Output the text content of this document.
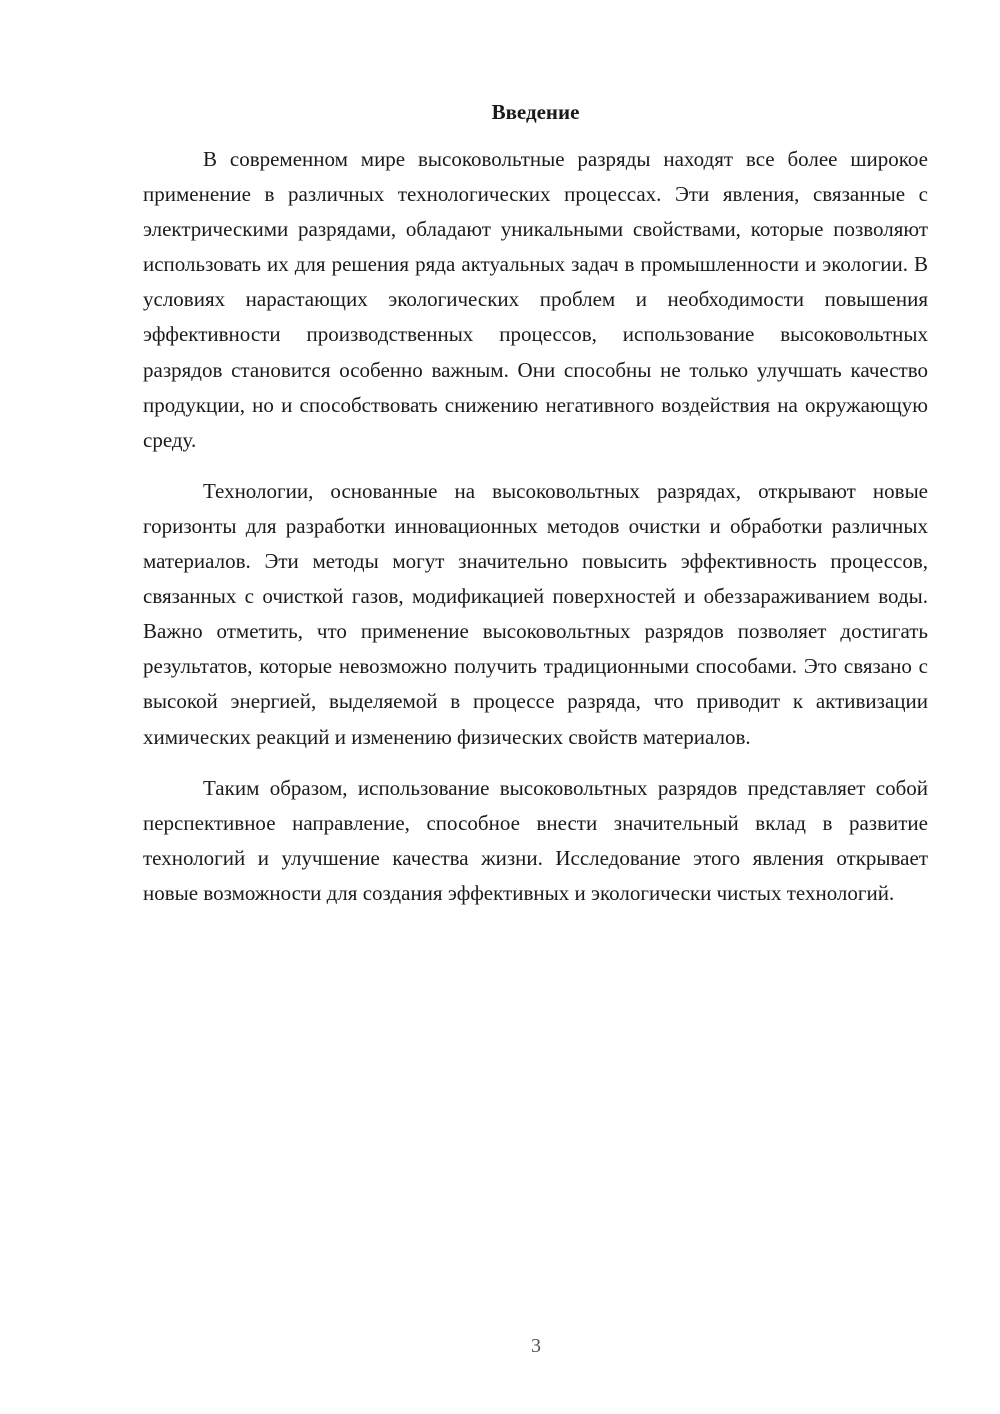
Введение

В современном мире высоковольтные разряды находят все более широкое применение в различных технологических процессах. Эти явления, связанные с электрическими разрядами, обладают уникальными свойствами, которые позволяют использовать их для решения ряда актуальных задач в промышленности и экологии. В условиях нарастающих экологических проблем и необходимости повышения эффективности производственных процессов, использование высоковольтных разрядов становится особенно важным. Они способны не только улучшать качество продукции, но и способствовать снижению негативного воздействия на окружающую среду.

Технологии, основанные на высоковольтных разрядах, открывают новые горизонты для разработки инновационных методов очистки и обработки различных материалов. Эти методы могут значительно повысить эффективность процессов, связанных с очисткой газов, модификацией поверхностей и обеззараживанием воды. Важно отметить, что применение высоковольтных разрядов позволяет достигать результатов, которые невозможно получить традиционными способами. Это связано с высокой энергией, выделяемой в процессе разряда, что приводит к активизации химических реакций и изменению физических свойств материалов.

Таким образом, использование высоковольтных разрядов представляет собой перспективное направление, способное внести значительный вклад в развитие технологий и улучшение качества жизни. Исследование этого явления открывает новые возможности для создания эффективных и экологически чистых технологий.

3
